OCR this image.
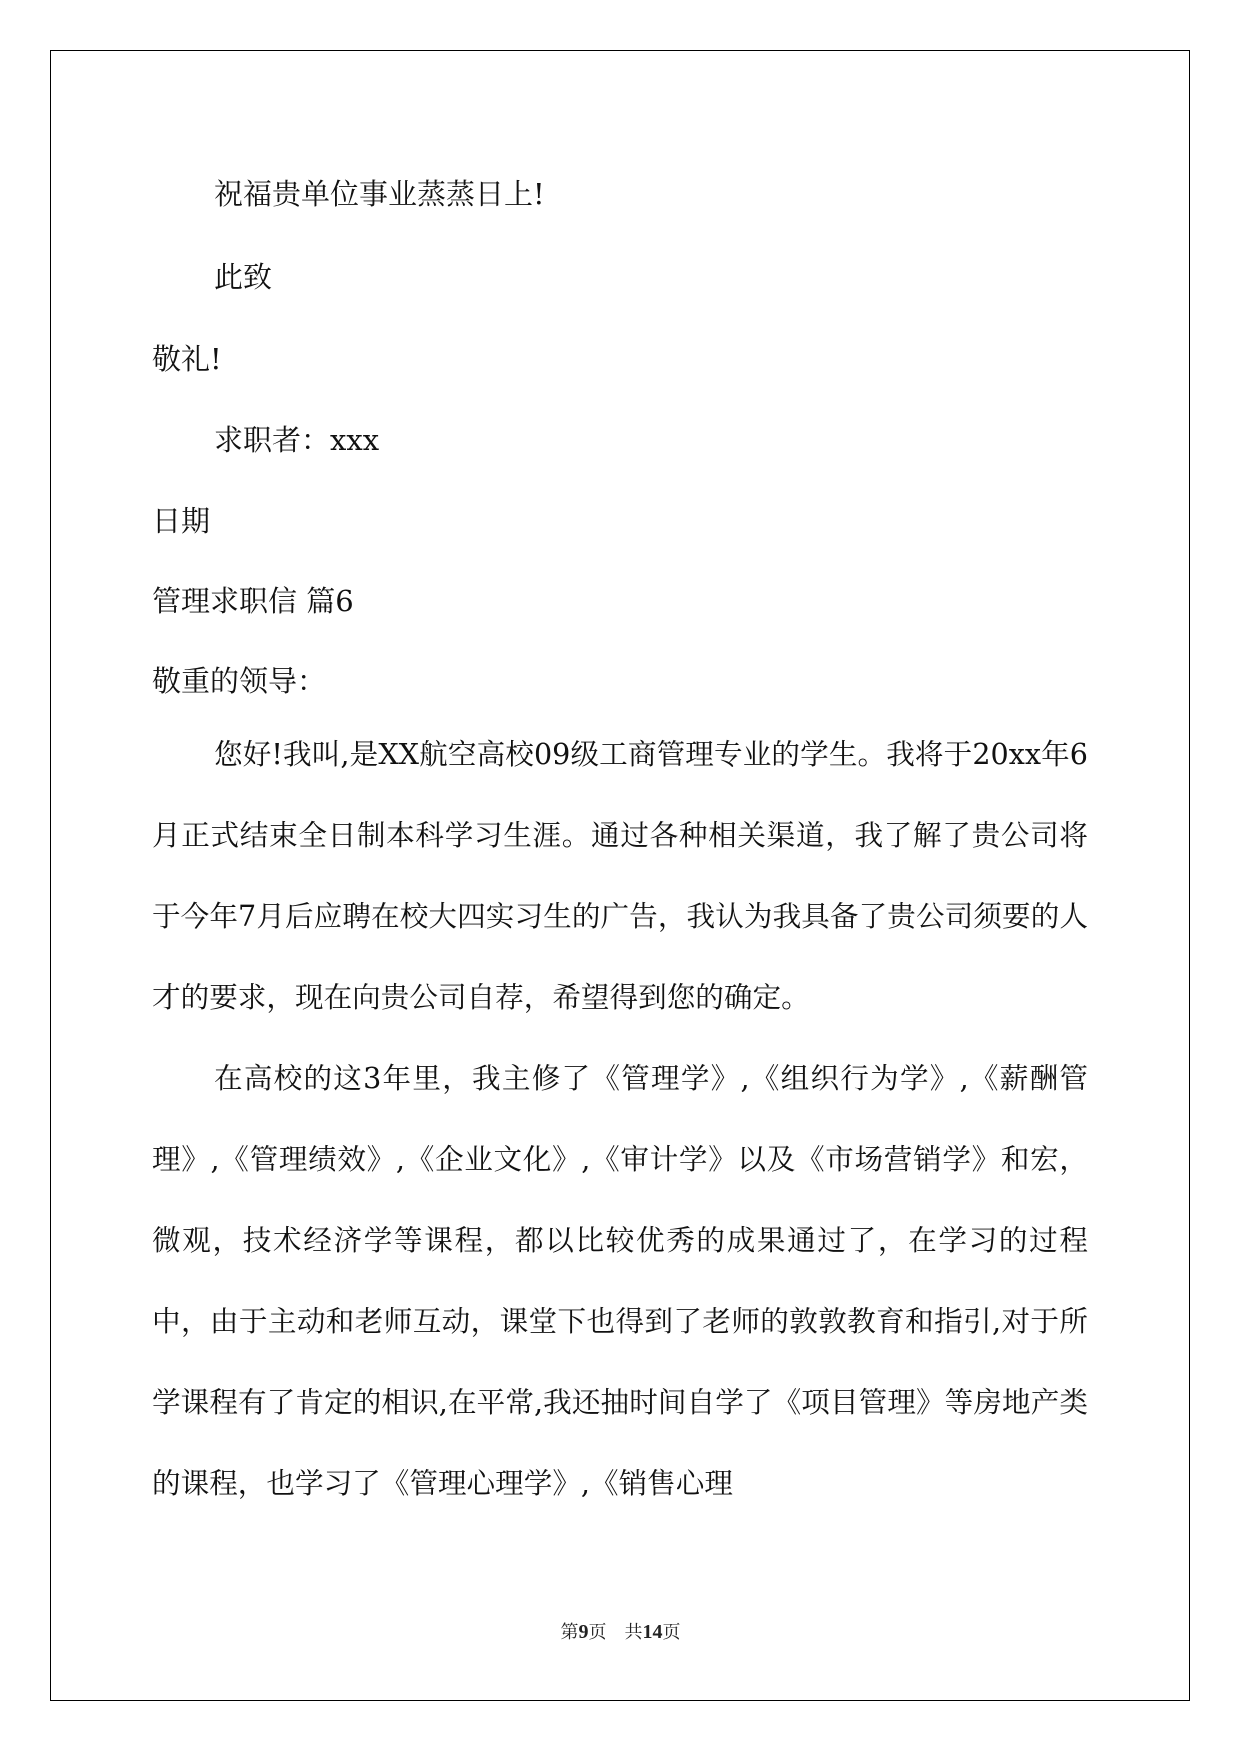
祝福贵单位事业蒸蒸日上!
此致
敬礼!
求职者：xxx
日期
管理求职信 篇6
敬重的领导：
您好!我叫,是XX航空高校09级工商管理专业的学生。我将于20xx年6月正式结束全日制本科学习生涯。通过各种相关渠道，我了解了贵公司将于今年7月后应聘在校大四实习生的广告，我认为我具备了贵公司须要的人才的要求，现在向贵公司自荐，希望得到您的确定。
在高校的这3年里，我主修了《管理学》,《组织行为学》,《薪酬管理》,《管理绩效》,《企业文化》,《审计学》以及《市场营销学》和宏，微观，技术经济学等课程，都以比较优秀的成果通过了，在学习的过程中，由于主动和老师互动，课堂下也得到了老师的敦敦教育和指引,对于所学课程有了肯定的相识,在平常,我还抽时间自学了《项目管理》等房地产类的课程，也学习了《管理心理学》,《销售心理
第9页　共14页
